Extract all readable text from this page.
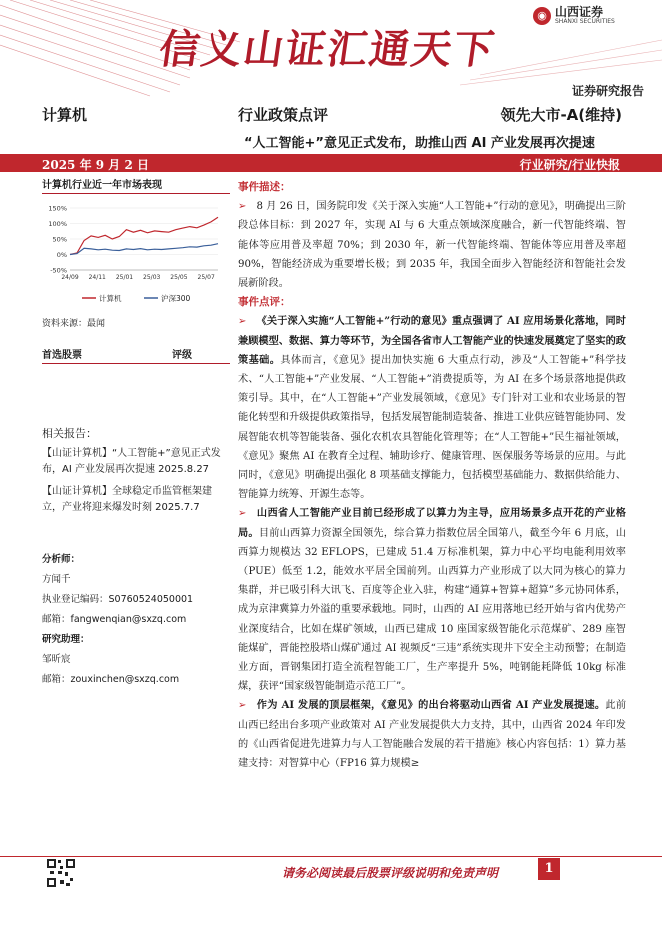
信义山证汇通天下
◉ 山西证券
SHANXI SECURITIES
证券研究报告
计算机	行业政策点评	领先大市-A(维持)
“人工智能+”意见正式发布，助推山西 AI 产业发展再次提速
2025 年 9 月 2 日	行业研究/行业快报
计算机行业近一年市场表现
150%
100%
50%
0%
-50%
24/09 24/11 25/01 25/03 25/05 25/07
计算机	沪深300
资料来源：最闻
首选股票	评级
相关报告：
【山证计算机】“人工智能+”意见正式发布，AI 产业发展再次提速 2025.8.27
【山证计算机】全球稳定币监管框架建立，产业将迎来爆发时刻 2025.7.7
分析师：
方闻千
执业登记编码：S0760524050001
邮箱：fangwenqian@sxzq.com
研究助理：
邹昕宸
邮箱：zouxinchen@sxzq.com
事件描述：

➢ 8 月 26 日，国务院印发《关于深入实施“人工智能+”行动的意见》，明确提出三阶段总体目标：到 2027 年，实现 AI 与 6 大重点领域深度融合，新一代智能终端、智能体等应用普及率超 70%；到 2030 年，新一代智能终端、智能体等应用普及率超 90%，智能经济成为重要增长极；到 2035 年，我国全面步入智能经济和智能社会发展新阶段。

事件点评：

➢ 《关于深入实施“人工智能+”行动的意见》重点强调了 AI 应用场景化落地，同时兼顾模型、数据、算力等环节，为全国各省市人工智能产业的快速发展奠定了坚实的政策基础。具体而言，《意见》提出加快实施 6 大重点行动，涉及“人工智能+”科学技术、“人工智能+”产业发展、“人工智能+”消费提质等，为 AI 在多个场景落地提供政策引导。其中，在“人工智能+”产业发展领域，《意见》专门针对工业和农业场景的智能化转型和升级提供政策指导，包括发展智能制造装备、推进工业供应链智能协同、发展智能农机等智能装备、强化农机农具智能化管理等；在“人工智能+”民生福祉领域，《意见》聚焦 AI 在教育全过程、辅助诊疗、健康管理、医保服务等场景的应用。与此同时，《意见》明确提出强化 8 项基础支撑能力，包括模型基础能力、数据供给能力、智能算力统筹、开源生态等。

➢ 山西省人工智能产业目前已经形成了以算力为主导，应用场景多点开花的产业格局。目前山西算力资源全国领先，综合算力指数位居全国第八，截至今年 6 月底，山西算力规模达 32 EFLOPS，已建成 51.4 万标准机架，算力中心平均电能利用效率（PUE）低至 1.2，能效水平居全国前列。山西算力产业形成了以大同为核心的算力集群，并已吸引科大讯飞、百度等企业入驻，构建“通算+智算+超算”多元协同体系，成为京津冀算力外溢的重要承载地。同时，山西的 AI 应用落地已经开始与省内优势产业深度结合，比如在煤矿领域，山西已建成 10 座国家级智能化示范煤矿、289 座智能煤矿，晋能控股塔山煤矿通过 AI 视频反“三违”系统实现井下安全主动预警；在制造业方面，晋钢集团打造全流程智能工厂，生产率提升 5%，吨钢能耗降低 10kg 标准煤，获评“国家级智能制造示范工厂”。

➢ 作为 AI 发展的顶层框架，《意见》的出台将驱动山西省 AI 产业发展提速。此前山西已经出台多项产业政策对 AI 产业发展提供大力支持，其中，山西省 2024 年印发的《山西省促进先进算力与人工智能融合发展的若干措施》核心内容包括：1）算力基建支持：对智算中心（FP16 算力规模≥

请务必阅读最后股票评级说明和免责声明	1
